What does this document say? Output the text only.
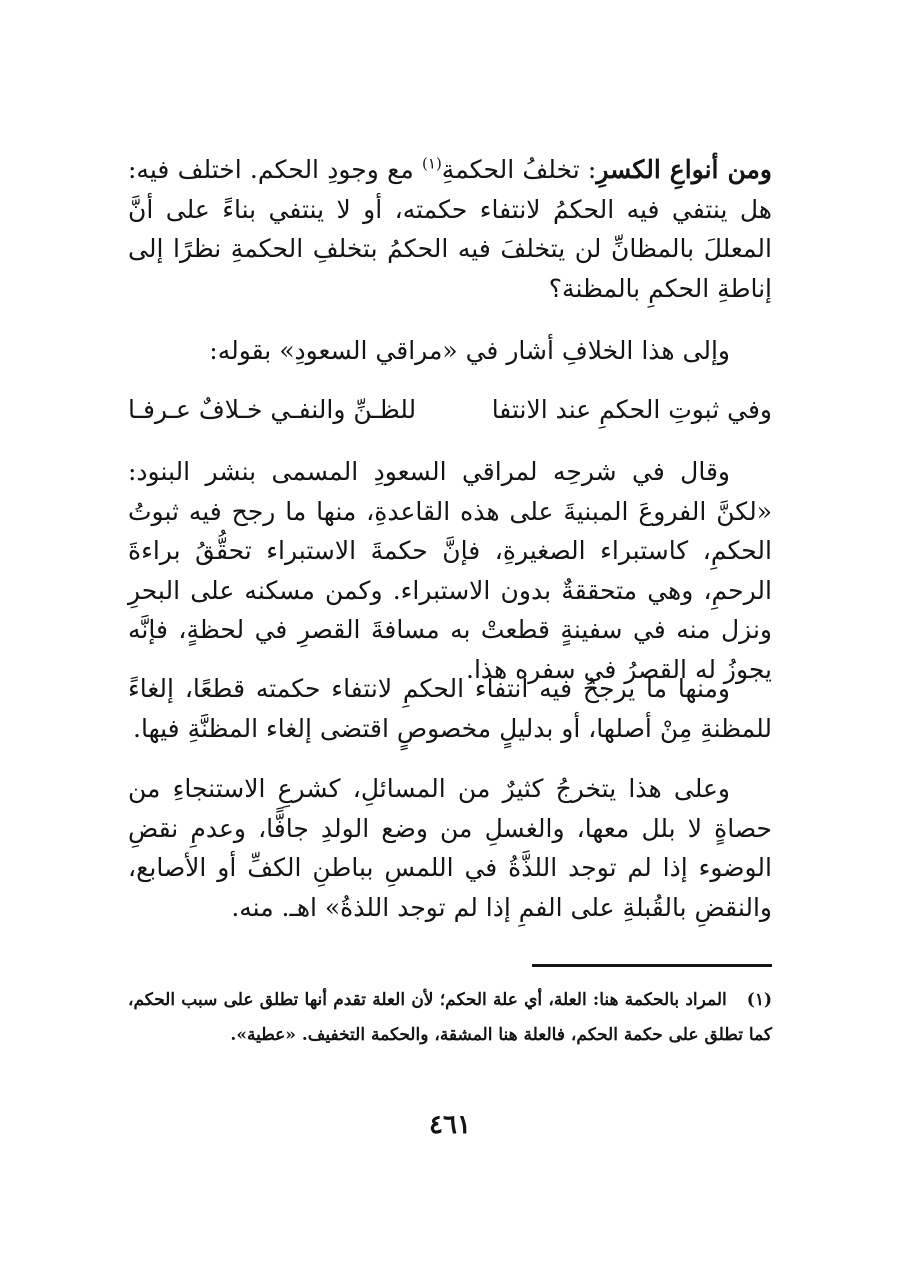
ومن أنواعِ الكسرِ: تخلفُ الحكمةِ$^{(١)}$ مع وجودِ الحكم. اختلف فيه: هل ينتفي فيه الحكمُ لانتفاء حكمته، أو لا ينتفي بناءً على أنَّ المعللَ بالمظانِّ لن يتخلفَ فيه الحكمُ بتخلفِ الحكمةِ نظرًا إلى إناطةِ الحكمِ بالمظنة؟

وإلى هذا الخلافِ أشار في «مراقي السعودِ» بقوله:

وفي ثبوتِ الحكمِ عند الانتفا
للظـنِّ والنفـي خـلافٌ عـرفـا

وقال في شرحِه لمراقي السعودِ المسمى بنشر البنود: «لكنَّ الفروعَ المبنيةَ على هذه القاعدةِ، منها ما رجح فيه ثبوتُ الحكمِ، كاستبراء الصغيرةِ، فإنَّ حكمةَ الاستبراء تحقُّقُ براءةَ الرحمِ، وهي متحققةٌ بدون الاستبراء. وكمن مسكنه على البحرِ ونزل منه في سفينةٍ قطعتْ به مسافةَ القصرِ في لحظةٍ، فإنَّه يجوزُ له القصرُ في سفره هذا.

ومنها ما يرجحُ فيه انتفاء الحكمِ لانتفاء حكمته قطعًا، إلغاءً للمظنةِ مِنْ أصلها، أو بدليلٍ مخصوصٍ اقتضى إلغاء المظنَّةِ فيها.

وعلى هذا يتخرجُ كثيرٌ من المسائلِ، كشرعِ الاستنجاءِ من حصاةٍ لا بلل معها، والغسلِ من وضع الولدِ جافًّا، وعدمِ نقضِ الوضوء إذا لم توجد اللذَّةُ في اللمسِ بباطنِ الكفِّ أو الأصابع، والنقضِ بالقُبلةِ على الفمِ إذا لم توجد اللذةُ» اهـ. منه.

(١)المراد بالحكمة هنا: العلة، أي علة الحكم؛ لأن العلة تقدم أنها تطلق على سبب الحكم، كما تطلق على حكمة الحكم، فالعلة هنا المشقة، والحكمة التخفيف. «عطية».
٤٦١
